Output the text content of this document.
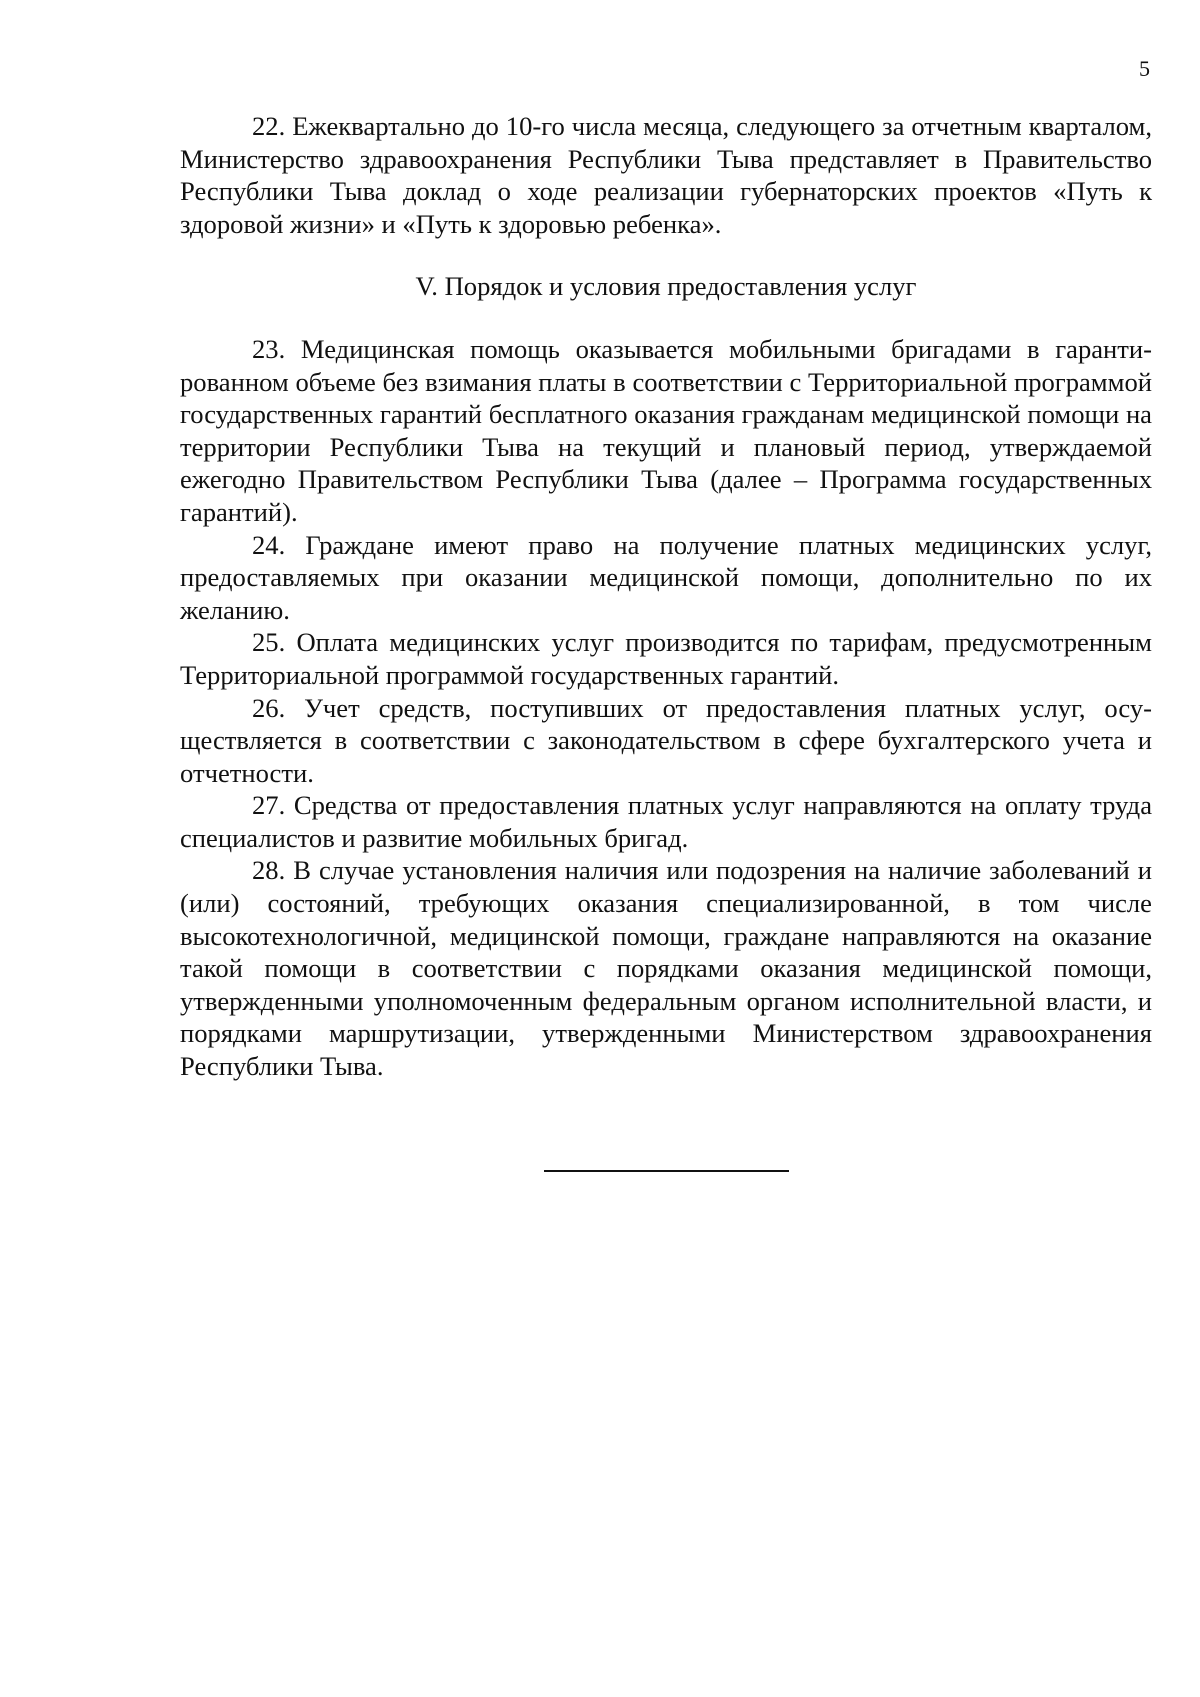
5

22. Ежеквартально до 10-го числа месяца, следующего за отчетным кварталом, Министерство здравоохранения Республики Тыва представляет в Правительство Республики Тыва доклад о ходе реализации губернаторских проектов «Путь к здоровой жизни» и «Путь к здоровью ребенка».

V. Порядок и условия предоставления услуг

23. Медицинская помощь оказывается мобильными бригадами в гарантированном объеме без взимания платы в соответствии с Территориальной программой государственных гарантий бесплатного оказания гражданам медицинской помощи на территории Республики Тыва на текущий и плановый период, утверждаемой ежегодно Правительством Республики Тыва (далее – Программа государственных гарантий).

24. Граждане имеют право на получение платных медицинских услуг, предоставляемых при оказании медицинской помощи, дополнительно по их желанию.

25. Оплата медицинских услуг производится по тарифам, предусмотренным Территориальной программой государственных гарантий.

26. Учет средств, поступивших от предоставления платных услуг, осуществляется в соответствии с законодательством в сфере бухгалтерского учета и отчетности.

27. Средства от предоставления платных услуг направляются на оплату труда специалистов и развитие мобильных бригад.

28. В случае установления наличия или подозрения на наличие заболеваний и (или) состояний, требующих оказания специализированной, в том числе высокотехнологичной, медицинской помощи, граждане направляются на оказание такой помощи в соответствии с порядками оказания медицинской помощи, утвержденными уполномоченным федеральным органом исполнительной власти, и порядками маршрутизации, утвержденными Министерством здравоохранения Республики Тыва.
